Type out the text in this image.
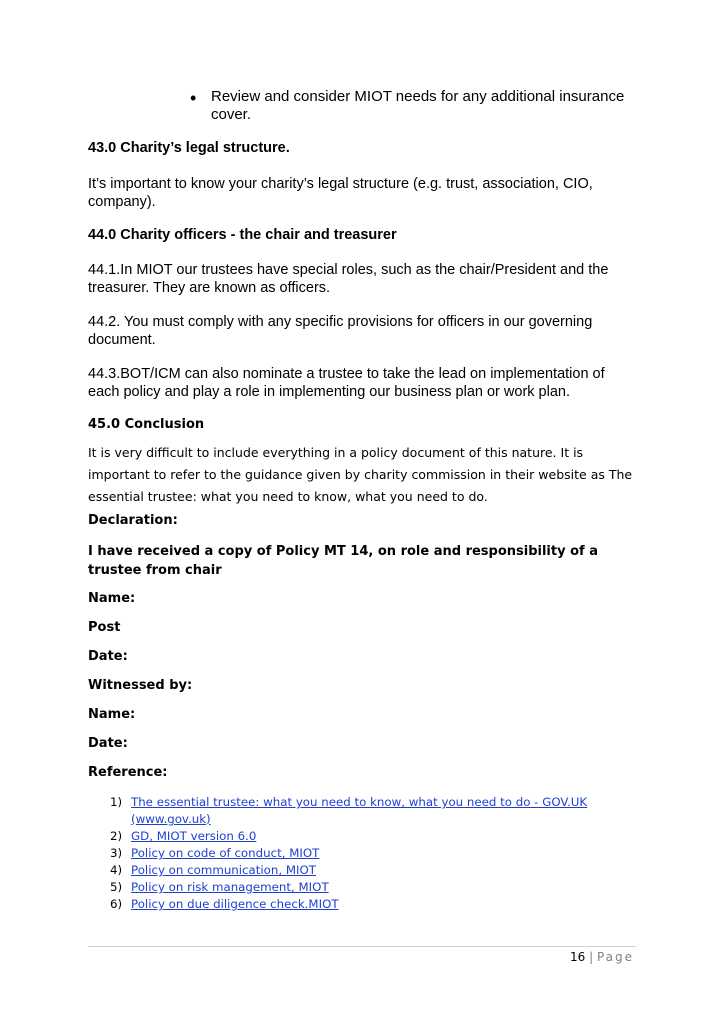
• Review and consider MIOT needs for any additional insurance cover.
43.0 Charity’s legal structure.
It’s important to know your charity’s legal structure (e.g. trust, association, CIO, company).
44.0 Charity officers - the chair and treasurer
44.1.In MIOT our trustees have special roles, such as the chair/President and the treasurer. They are known as officers.
44.2. You must comply with any specific provisions for officers in our governing document.
44.3.BOT/ICM can also nominate a trustee to take the lead on implementation of each policy and play a role in implementing our business plan or work plan.
45.0 Conclusion
It is very difficult to include everything in a policy document of this nature. It is important to refer to the guidance given by charity commission in their website as The essential trustee: what you need to know, what you need to do.
Declaration:
I have received a copy of Policy MT 14, on role and responsibility of a trustee from chair
Name:
Post
Date:
Witnessed by:
Name:
Date:
Reference:
1) The essential trustee: what you need to know, what you need to do - GOV.UK (www.gov.uk)
2) GD, MIOT version 6.0
3) Policy on code of conduct, MIOT
4) Policy on communication, MIOT
5) Policy on risk management, MIOT
6) Policy on due diligence check.MIOT
16 | Page
